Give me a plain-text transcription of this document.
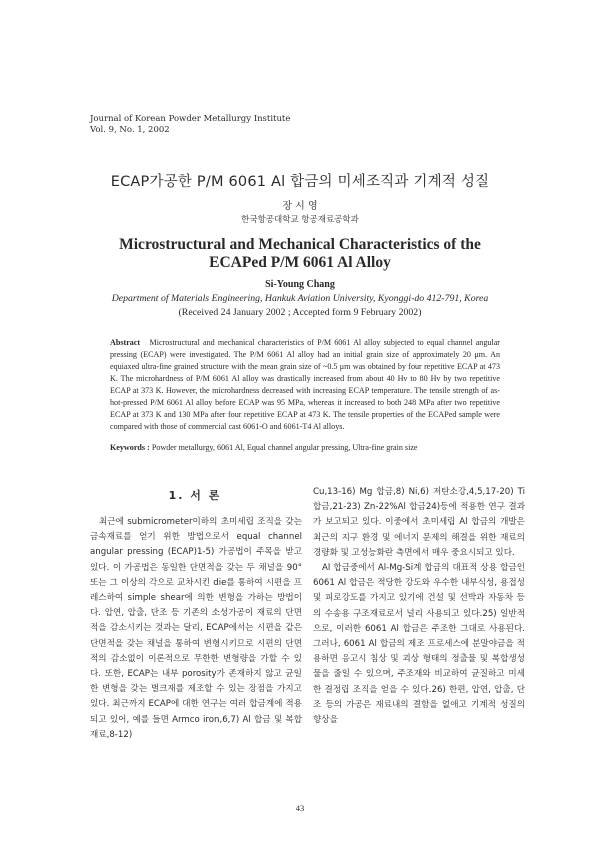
Journal of Korean Powder Metallurgy Institute
Vol. 9, No. 1, 2002
ECAP가공한 P/M 6061 Al 합금의 미세조직과 기계적 성질
장 시 영
한국항공대학교 항공재료공학과
Microstructural and Mechanical Characteristics of the ECAPed P/M 6061 Al Alloy
Si-Young Chang
Department of Materials Engineering, Hankuk Aviation University, Kyonggi-do 412-791, Korea
(Received 24 January 2002 ; Accepted form 9 February 2002)
Abstract Microstructural and mechanical characteristics of P/M 6061 Al alloy subjected to equal channel angular pressing (ECAP) were investigated. The P/M 6061 Al alloy had an initial grain size of approximately 20 μm. An equiaxed ultra-fine grained structure with the mean grain size of ~0.5 μm was obtained by four repetitive ECAP at 473 K. The microhardness of P/M 6061 Al alloy was drastically increased from about 40 Hv to 80 Hv by two repetitive ECAP at 373 K. However, the microhardness decreased with increasing ECAP temperature. The tensile strength of as-hot-pressed P/M 6061 Al alloy before ECAP was 95 MPa, whereas it increased to both 248 MPa after two repetitive ECAP at 373 K and 130 MPa after four repetitive ECAP at 473 K. The tensile properties of the ECAPed sample were compared with those of commercial cast 6061-O and 6061-T4 Al alloys.
Keywords : Powder metallurgy, 6061 Al, Equal channel angular pressing, Ultra-fine grain size
1. 서 론

최근에 submicrometer이하의 초미세립 조직을 갖는 금속재료를 얻기 위한 방법으로서 equal channel angular pressing (ECAP)1-5) 가공법이 주목을 받고 있다. 이 가공법은 동일한 단면적을 갖는 두 채널을 90° 또는 그 이상의 각으로 교차시킨 die를 통하여 시편을 프레스하여 simple shear에 의한 변형을 가하는 방법이다. 압연, 압출, 단조 등 기존의 소성가공이 재료의 단면적을 감소시키는 것과는 달리, ECAP에서는 시편을 같은 단면적을 갖는 채널을 통하여 변형시키므로 시편의 단면적의 감소없이 이론적으로 무한한 변형량을 가할 수 있다. 또한, ECAP는 내부 porosity가 존재하지 않고 균일한 변형을 갖는 벌크재를 제조할 수 있는 장점을 가지고 있다. 최근까지 ECAP에 대한 연구는 여러 합금계에 적용되고 있어, 예를 들면 Armco iron,6,7) Al 합금 및 복합재료,8-12)

Cu,13-16) Mg 합금,8) Ni,6) 저탄소강,4,5,17-20) Ti 합금,21-23) Zn-22%Al 합금24)등에 적용한 연구 결과가 보고되고 있다. 이중에서 초미세립 Al 합금의 개발은 최근의 지구 환경 및 에너지 문제의 해결을 위한 재료의 경량화 및 고성능화란 측면에서 매우 중요시되고 있다.

Al 합금중에서 Al-Mg-Si계 합금의 대표적 상용 합금인 6061 Al 합금은 적당한 강도와 우수한 내부식성, 용접성 및 피로강도를 가지고 있기에 건설 및 선박과 자동차 등의 수송용 구조재료로서 널리 사용되고 있다.25) 일반적으로, 이러한 6061 Al 합금은 주조한 그대로 사용된다. 그러나, 6061 Al 합금의 제조 프로세스에 분말야금을 적용하면 응고시 침상 및 괴상 형태의 정출물 및 복합생성물을 줄일 수 있으며, 주조재와 비교하여 균질하고 미세한 결정립 조직을 얻을 수 있다.26) 한편, 압연, 압출, 단조 등의 가공은 재료내의 결함을 없애고 기계적 성질의 향상을

43
